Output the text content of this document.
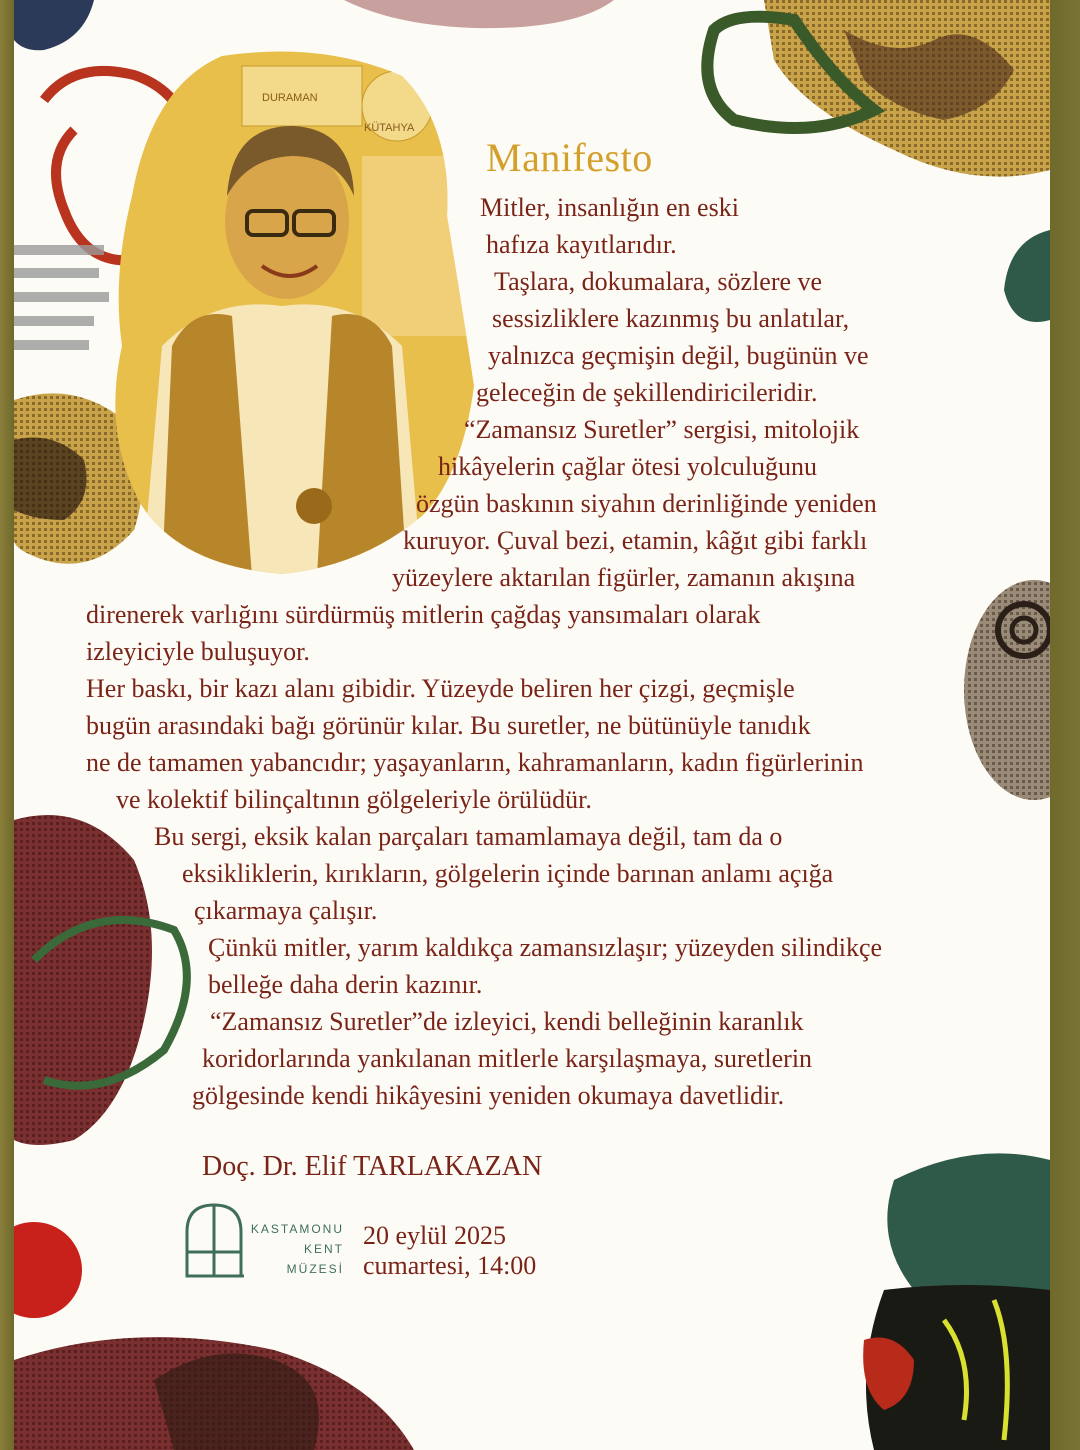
KÜTAHYA
DURAMAN
Manifesto
Mitler, insanlığın en eski
hafıza kayıtlarıdır.
Taşlara, dokumalara, sözlere ve
sessizliklere kazınmış bu anlatılar,
yalnızca geçmişin değil, bugünün ve
geleceğin de şekillendiricileridir.
“Zamansız Suretler” sergisi, mitolojik
hikâyelerin çağlar ötesi yolculuğunu
özgün baskının siyahın derinliğinde yeniden
kuruyor. Çuval bezi, etamin, kâğıt gibi farklı
yüzeylere aktarılan figürler, zamanın akışına
direnerek varlığını sürdürmüş mitlerin çağdaş yansımaları olarak
izleyiciyle buluşuyor.
Her baskı, bir kazı alanı gibidir. Yüzeyde beliren her çizgi, geçmişle
bugün arasındaki bağı görünür kılar. Bu suretler, ne bütünüyle tanıdık
ne de tamamen yabancıdır; yaşayanların, kahramanların, kadın figürlerinin
ve kolektif bilinçaltının gölgeleriyle örülüdür.
Bu sergi, eksik kalan parçaları tamamlamaya değil, tam da o
eksikliklerin, kırıkların, gölgelerin içinde barınan anlamı açığa
çıkarmaya çalışır.
Çünkü mitler, yarım kaldıkça zamansızlaşır; yüzeyden silindikçe
belleğe daha derin kazınır.
“Zamansız Suretler”de izleyici, kendi belleğinin karanlık
koridorlarında yankılanan mitlerle karşılaşmaya, suretlerin
gölgesinde kendi hikâyesini yeniden okumaya davetlidir.
Doç. Dr. Elif TARLAKAZAN
KASTAMONU
KENT
MÜZESİ
20 eylül 2025
cumartesi, 14:00
